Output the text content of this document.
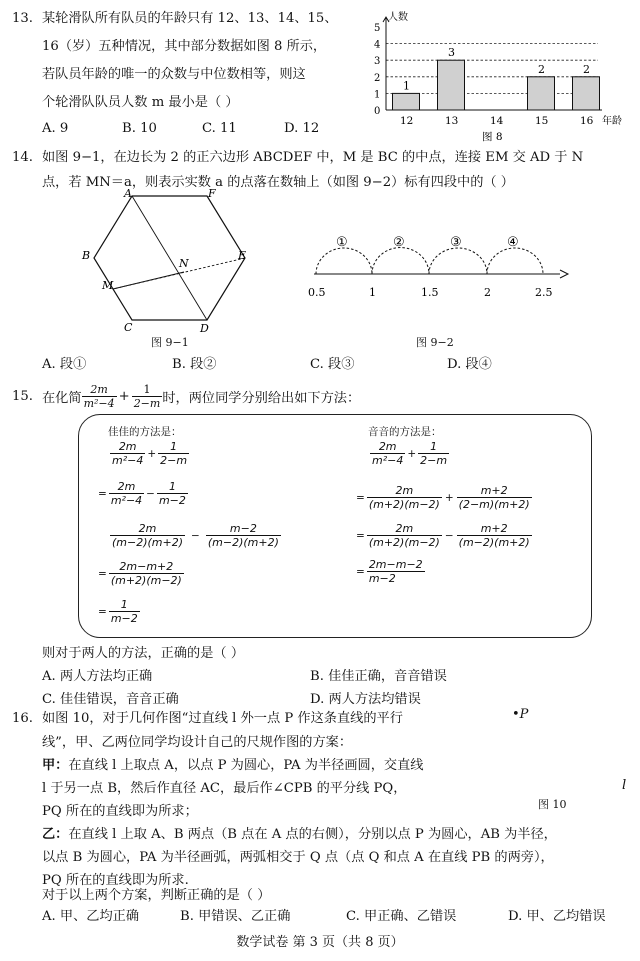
13. 某轮滑队所有队员的年龄只有 12、13、14、15、
16（岁）五种情况，其中部分数据如图 8 所示，
若队员年龄的唯一的众数与中位数相等，则这
个轮滑队队员人数 m 最小是（ ）
A. 9	B. 10	C. 11	D. 12
0
1
2
3
4
5
人数
1
12
3
13	14
2
15
2
16 年龄
图 8
14. 如图 9−1，在边长为 2 的正六边形 ABCDEF 中，M 是 BC 的中点，连接 EM 交 AD 于 N
点，若 MN＝a，则表示实数 a 的点落在数轴上（如图 9−2）标有四段中的（ ）
A	F
B	E
N
M
C	D
图 9−1
①	②	③	④
0.5	1	1.5	2	2.5
图 9−2
A. 段①	B. 段②	C. 段③	D. 段④
15. 在化简 $\frac{2m}{\text{m²−4}} + \frac{1}{2-m}$ 时，两位同学分别给出如下方法：
佳佳的方法是：
$\frac{2m}{\text{m²−4}} + \frac{1}{2-m}$
= $\frac{2m}{\text{m²−4}} - \frac{1}{m-2}$
$\frac{2m}{(m-2)(m+2)} - \frac{m-2}{(m-2)(m+2)}$
= $\frac{2m-m+2}{(m+2)(m-2)}$
= $\frac{1}{m-2}$
音音的方法是：
$\frac{2m}{\text{m²−4}} + \frac{1}{2-m}$
= $\frac{2m}{(m+2)(m-2)} + \frac{m+2}{(2-m)(m+2)}$
= $\frac{2m}{(m+2)(m-2)} - \frac{m+2}{(m-2)(m+2)}$
= $\frac{2m-m-2}{m-2}$
则对于两人的方法，正确的是（ ）
A. 两人方法均正确	B. 佳佳正确，音音错误
C. 佳佳错误，音音正确	D. 两人方法均错误
16. 如图 10，对于几何作图“过直线 l 外一点 P 作这条直线的平行
线”，甲、乙两位同学均设计自己的尺规作图的方案：
甲：在直线 l 上取点 A，以点 P 为圆心，PA 为半径画圆，交直线
l 于另一点 B，然后作直径 AC，最后作∠CPB 的平分线 PQ，
PQ 所在的直线即为所求；
乙：在直线 l 上取 A、B 两点（B 点在 A 点的右侧），分别以点 P 为圆心，AB 为半径，
以点 B 为圆心，PA 为半径画弧，两弧相交于 Q 点（点 Q 和点 A 在直线 PB 的两旁），
PQ 所在的直线即为所求.
对于以上两个方案，判断正确的是（ ）
A. 甲、乙均正确	B. 甲错误、乙正确	C. 甲正确、乙错误	D. 甲、乙均错误
•P
l
图 10
数学试卷 第 3 页（共 8 页）
